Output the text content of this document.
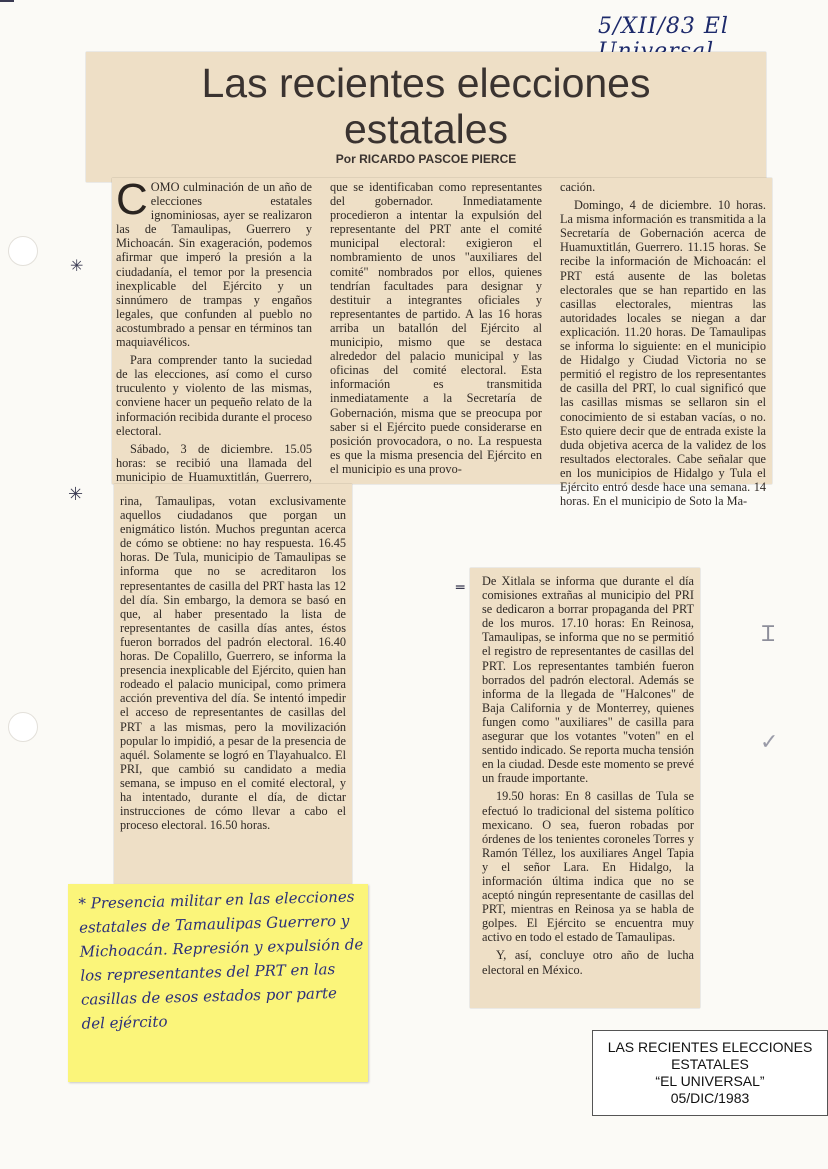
5/XII/83 El
Las recientes elecciones
estatales
Por RICARDO PASCOE PIERCE

COMO culminación de un año de elecciones estatales ignominiosas, ayer se realizaron las de Tamaulipas, Guerrero y Michoacán. Sin exageración, podemos afirmar que imperó la presión a la ciudadanía, el temor por la presencia inexplicable del Ejército y un sinnúmero de trampas y engaños legales, que confunden al pueblo no acostumbrado a pensar en términos tan maquiavélicos.

Para comprender tanto la suciedad de las elecciones, así como el curso truculento y violento de las mismas, conviene hacer un pequeño relato de la información recibida durante el proceso electoral.

Sábado, 3 de diciembre. 15.05 horas: se recibió una llamada del municipio de Huamuxtitlán, Guerrero,

que se identificaban como representantes del gobernador. Inmediatamente procedieron a intentar la expulsión del representante del PRT ante el comité municipal electoral: exigieron el nombramiento de unos "auxiliares del comité" nombrados por ellos, quienes tendrían facultades para designar y destituir a integrantes oficiales y representantes de partido. A las 16 horas arriba un batallón del Ejército al municipio, mismo que se destaca alrededor del palacio municipal y las oficinas del comité electoral. Esta información es transmitida inmediatamente a la Secretaría de Gobernación, misma que se preocupa por saber si el Ejército puede considerarse en posición provocadora, o no. La respuesta es que la misma presencia del Ejército en el municipio es una provo-

cación.

Domingo, 4 de diciembre. 10 horas. La misma información es transmitida a la Secretaría de Gobernación acerca de Huamuxtitlán, Guerrero. 11.15 horas. Se recibe la información de Michoacán: el PRT está ausente de las boletas electorales que se han repartido en las casillas electorales, mientras las autoridades locales se niegan a dar explicación. 11.20 horas. De Tamaulipas se informa lo siguiente: en el municipio de Hidalgo y Ciudad Victoria no se permitió el registro de los representantes de casilla del PRT, lo cual significó que las casillas mismas se sellaron sin el conocimiento de si estaban vacías, o no. Esto quiere decir que de entrada existe la duda objetiva acerca de la validez de los resultados electorales. Cabe señalar que en los municipios de Hidalgo y Tula el Ejército entró desde hace una semana. 14 horas. En el municipio de Soto la Ma-

rina, Tamaulipas, votan exclusivamente aquellos ciudadanos que porgan un enigmático listón. Muchos preguntan acerca de cómo se obtiene: no hay respuesta. 16.45 horas. De Tula, municipio de Tamaulipas se informa que no se acreditaron los representantes de casilla del PRT hasta las 12 del día. Sin embargo, la demora se basó en que, al haber presentado la lista de representantes de casilla días antes, éstos fueron borrados del padrón electoral. 16.40 horas. De Copalillo, Guerrero, se informa la presencia inexplicable del Ejército, quien han rodeado el palacio municipal, como primera acción preventiva del día. Se intentó impedir el acceso de representantes de casillas del PRT a las mismas, pero la movilización popular lo impidió, a pesar de la presencia de aquél. Solamente se logró en Tlayahualco. El PRI, que cambió su candidato a media semana, se impuso en el comité electoral, y ha intentado, durante el día, de dictar instrucciones de cómo llevar a cabo el proceso electoral. 16.50 horas.

De Xitlala se informa que durante el día comisiones extrañas al municipio del PRI se dedicaron a borrar propaganda del PRT de los muros. 17.10 horas: En Reinosa, Tamaulipas, se informa que no se permitió el registro de representantes de casillas del PRT. Los representantes también fueron borrados del padrón electoral. Además se informa de la llegada de "Halcones" de Baja California y de Monterrey, quienes fungen como "auxiliares" de casilla para asegurar que los votantes "voten" en el sentido indicado. Se reporta mucha tensión en la ciudad. Desde este momento se prevé un fraude importante.

19.50 horas: En 8 casillas de Tula se efectuó lo tradicional del sistema político mexicano. O sea, fueron robadas por órdenes de los tenientes coroneles Torres y Ramón Téllez, los auxiliares Angel Tapia y el señor Lara. En Hidalgo, la información última indica que no se aceptó ningún representante de casillas del PRT, mientras en Reinosa ya se habla de golpes. El Ejército se encuentra muy activo en todo el estado de Tamaulipas.

Y, así, concluye otro año de lucha electoral en México.

✳
✳
═
Ɪ
✓
* Presencia militar en las elecciones estatales de Tamaulipas Guerrero y Michoacán. Represión y expulsión de los representantes del PRT en las casillas de esos estados por parte del ejército
LAS RECIENTES ELECCIONES
ESTATALES
“EL UNIVERSAL”
05/DIC/1983
